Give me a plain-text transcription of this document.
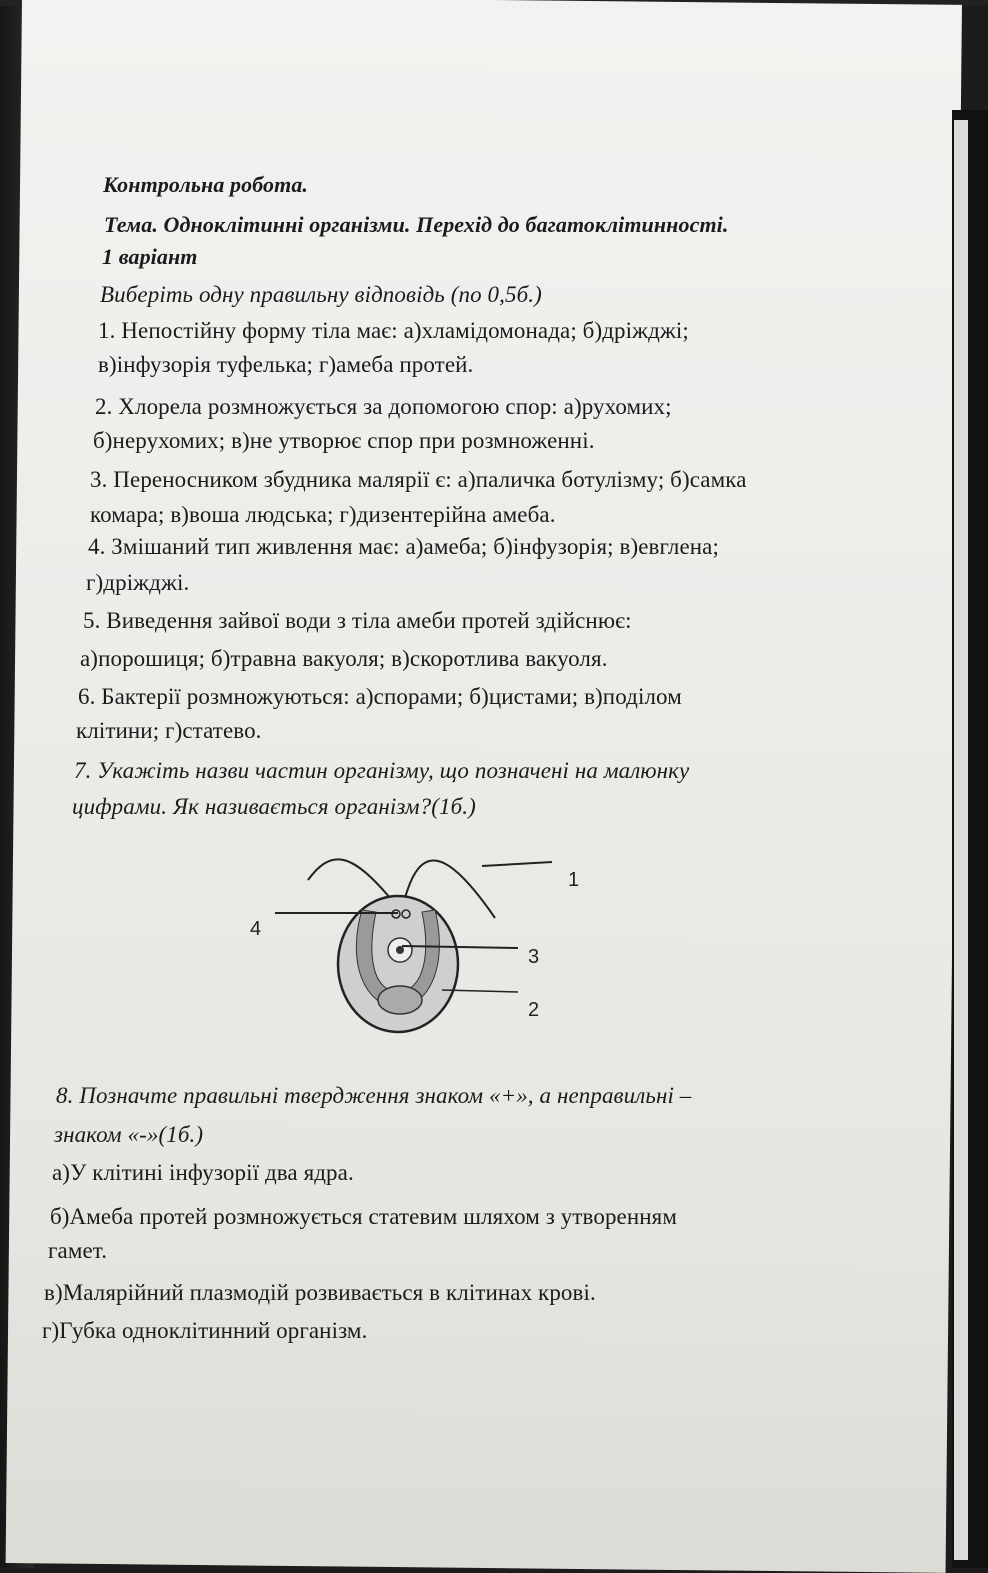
Контрольна робота.
Тема. Одноклітинні організми. Перехід до багатоклітинності.
1 варіант
Виберіть одну правильну відповідь (по 0,5б.)
1. Непостійну форму тіла має: а)хламідомонада; б)дріжджі;
в)інфузорія туфелька; г)амеба протей.
2. Хлорела розмножується за допомогою спор: а)рухомих;
б)нерухомих; в)не утворює спор при розмноженні.
3. Переносником збудника малярії є: а)паличка ботулізму; б)самка
комара; в)воша людська; г)дизентерійна амеба.
4. Змішаний тип живлення має: а)амеба; б)інфузорія; в)евглена;
г)дріжджі.
5. Виведення зайвої води з тіла амеби протей здійснює:
а)порошиця; б)травна вакуоля; в)скоротлива вакуоля.
6. Бактерії розмножуються: а)спорами; б)цистами; в)поділом
клітини; г)статево.
7. Укажіть назви частин організму, що позначені на малюнку
цифрами. Як називається організм?(1б.)
1
3
2
4
8. Позначте правильні твердження знаком «+», а неправильні –
знаком «-»(1б.)
а)У клітині інфузорії два ядра.
б)Амеба протей розмножується статевим шляхом з утворенням
гамет.
в)Малярійний плазмодій розвивається в клітинах крові.
г)Губка одноклітинний організм.
